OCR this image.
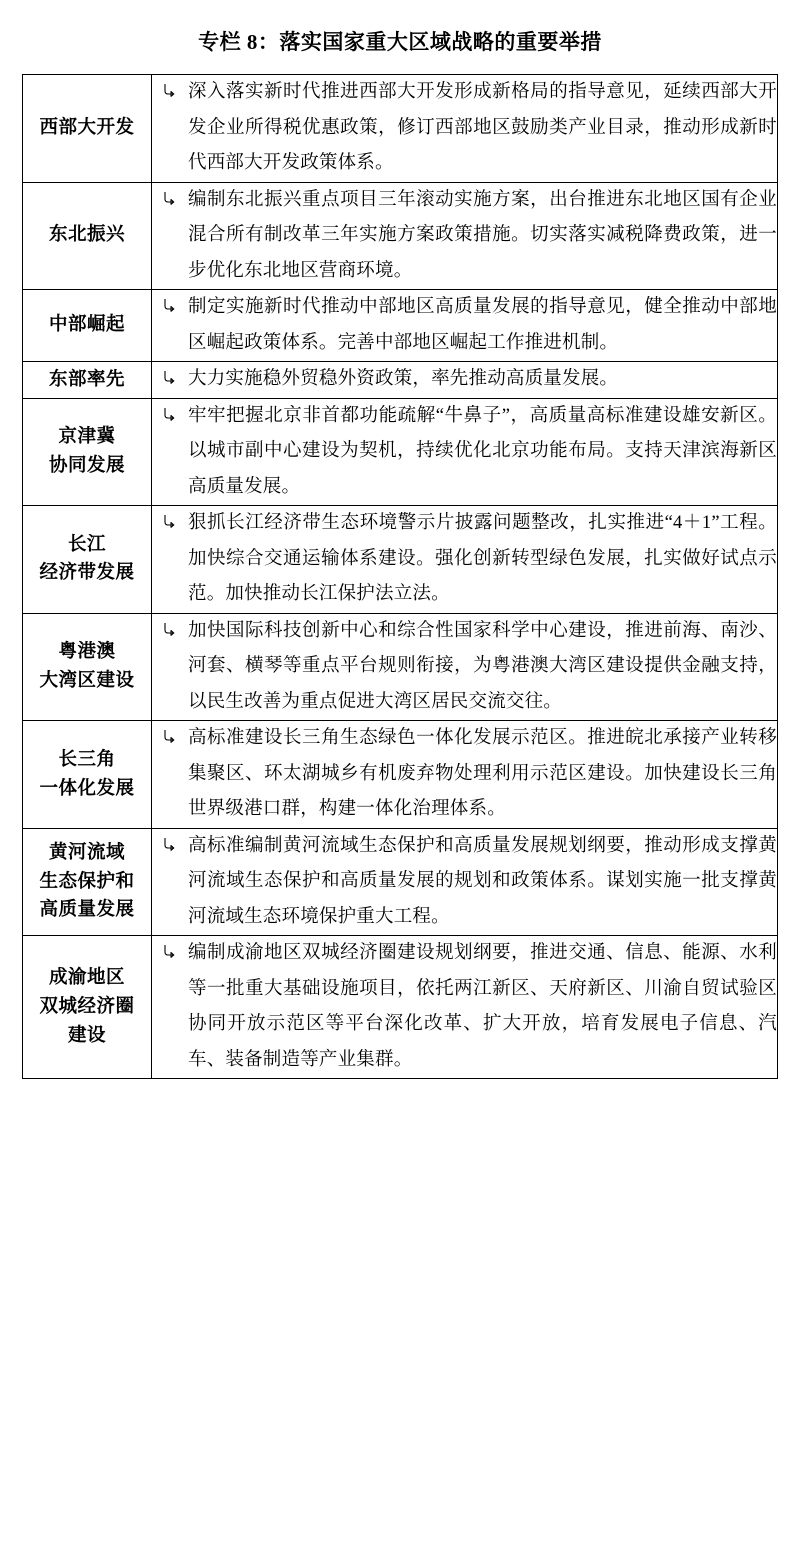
专栏 8：落实国家重大区域战略的重要举措
西部大开发	深入落实新时代推进西部大开发形成新格局的指导意见，延续西部大开发企业所得税优惠政策，修订西部地区鼓励类产业目录，推动形成新时代西部大开发政策体系。

东北振兴	编制东北振兴重点项目三年滚动实施方案，出台推进东北地区国有企业混合所有制改革三年实施方案政策措施。切实落实减税降费政策，进一步优化东北地区营商环境。

中部崛起	制定实施新时代推动中部地区高质量发展的指导意见，健全推动中部地区崛起政策体系。完善中部地区崛起工作推进机制。

东部率先	大力实施稳外贸稳外资政策，率先推动高质量发展。

京津冀
协同发展	牢牢把握北京非首都功能疏解“牛鼻子”，高质量高标准建设雄安新区。以城市副中心建设为契机，持续优化北京功能布局。支持天津滨海新区高质量发展。

长江
经济带发展	狠抓长江经济带生态环境警示片披露问题整改，扎实推进“4＋1”工程。加快综合交通运输体系建设。强化创新转型绿色发展，扎实做好试点示范。加快推动长江保护法立法。

粤港澳
大湾区建设	加快国际科技创新中心和综合性国家科学中心建设，推进前海、南沙、河套、横琴等重点平台规则衔接，为粤港澳大湾区建设提供金融支持，以民生改善为重点促进大湾区居民交流交往。

长三角
一体化发展	高标准建设长三角生态绿色一体化发展示范区。推进皖北承接产业转移集聚区、环太湖城乡有机废弃物处理利用示范区建设。加快建设长三角世界级港口群，构建一体化治理体系。

黄河流域
生态保护和
高质量发展	高标准编制黄河流域生态保护和高质量发展规划纲要，推动形成支撑黄河流域生态保护和高质量发展的规划和政策体系。谋划实施一批支撑黄河流域生态环境保护重大工程。

成渝地区
双城经济圈
建设	编制成渝地区双城经济圈建设规划纲要，推进交通、信息、能源、水利等一批重大基础设施项目，依托两江新区、天府新区、川渝自贸试验区协同开放示范区等平台深化改革、扩大开放，培育发展电子信息、汽车、装备制造等产业集群。
